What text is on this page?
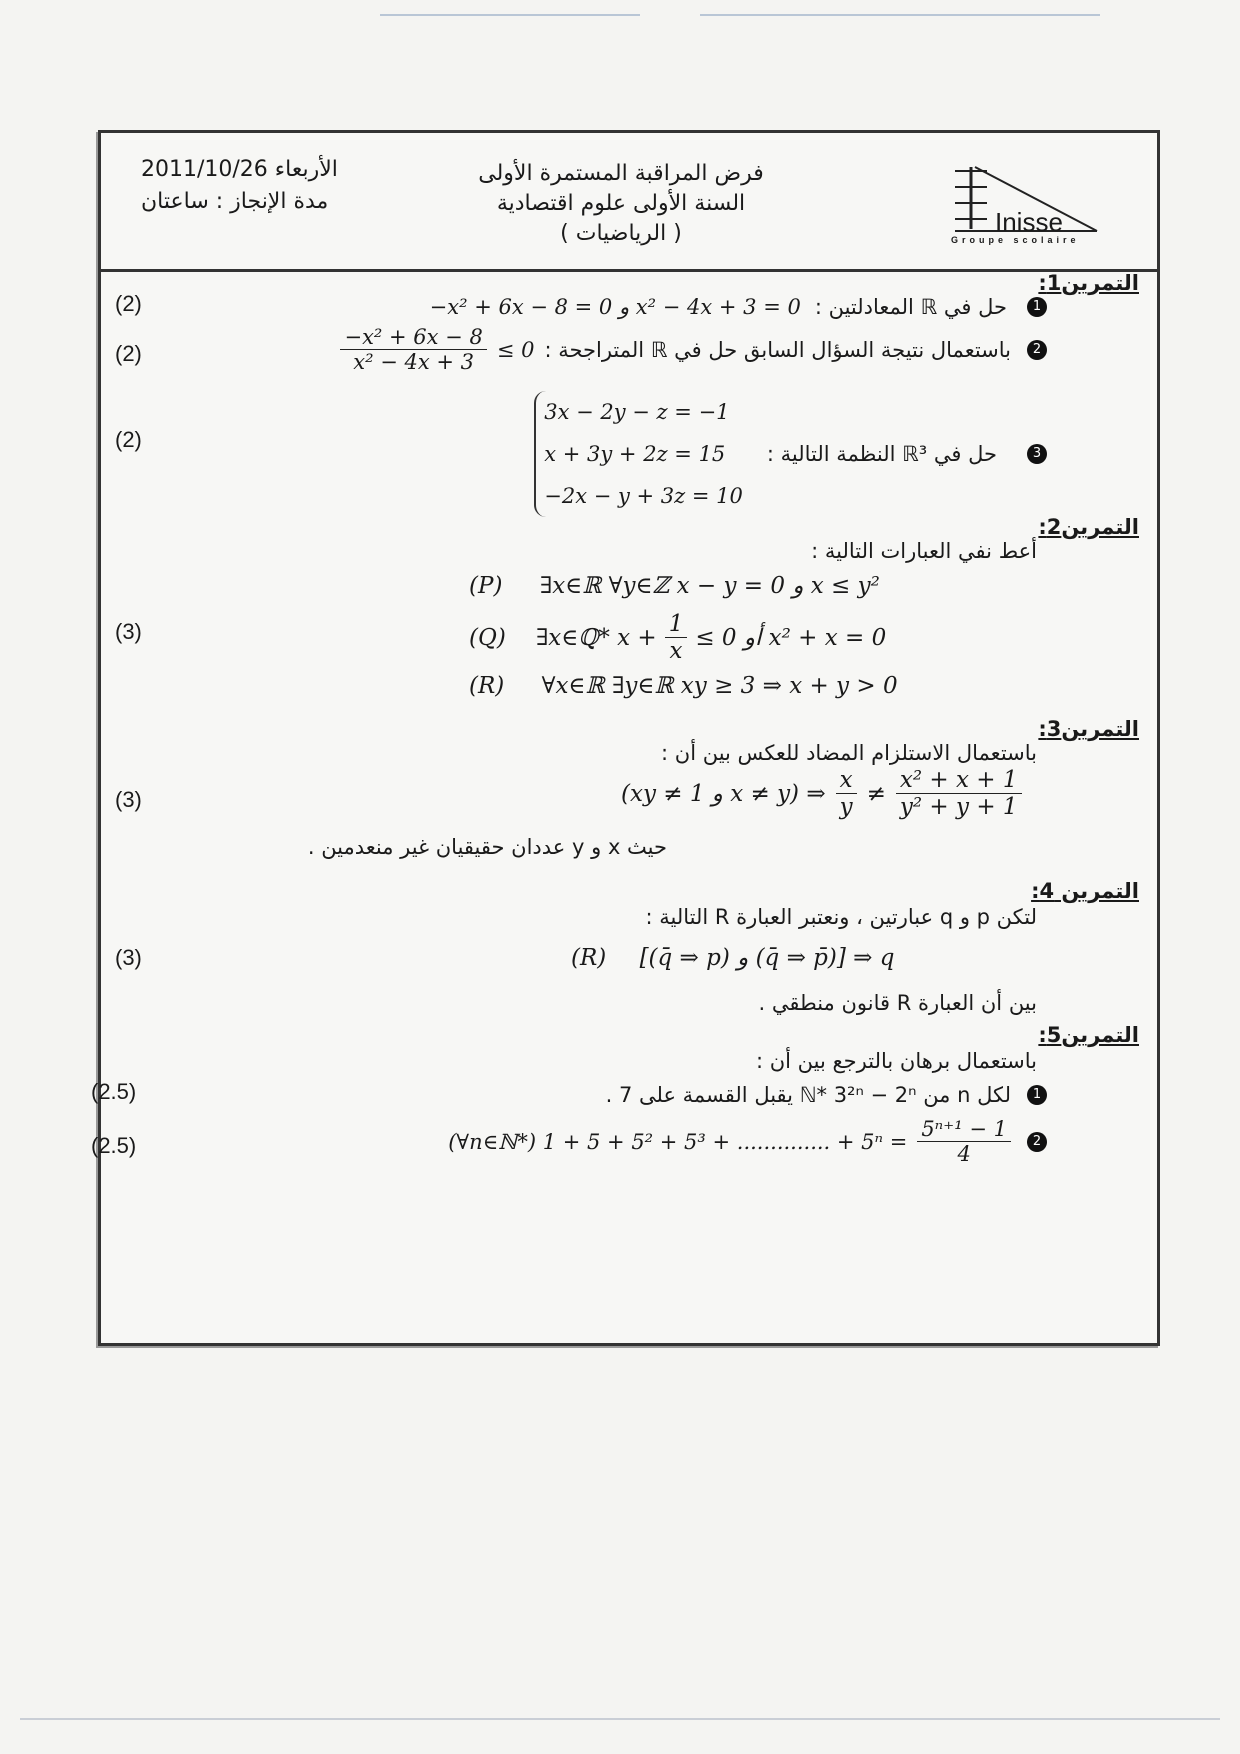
الأربعاء 2011/10/26
مدة الإنجاز : ساعتان
فرض المراقبة المستمرة الأولى
السنة الأولى علوم اقتصادية
( الرياضيات )	Inisse
Groupe scolaire
التمرين1:
(2)	1
حل في ℝ المعادلتين :
−x² + 6x − 8 = 0 و x² − 4x + 3 = 0
(2)	2
باستعمال نتيجة السؤال السابق حل في ℝ المتراجحة :
≤ 0
$\frac{\text{−x² + 6x − 8}}{\text{x² − 4x + 3}}$
(2)
3
حل في ℝ³ النظمة التالية :
3x − 2y − z = −1
x + 3y + 2z = 15
−2x − y + 3z = 10
التمرين2:
أعط نفي العبارات التالية :
(P) ∃x∈ℝ ∀y∈ℤ x − y = 0 و x ≤ y²
(3)	(Q) ∃x∈ℚ* $x + \frac{1}{x} \le 0$ أو x² + x = 0
(R) ∀x∈ℝ ∃y∈ℝ xy ≥ 3 ⇒ x + y > 0
التمرين3:
باستعمال الاستلزام المضاد للعكس بين أن :
(3)	(xy ≠ 1 و x ≠ y) ⇒ $\frac{x}{y} \ne \frac{\text{x² + x + 1}}{\text{y² + y + 1}}$
حيث x و y عددان حقيقيان غير منعدمين .
التمرين 4:
لتكن p و q عبارتين ، ونعتبر العبارة R التالية :
(3)	(R) [(q̄ ⇒ p) و (q̄ ⇒ p̄)] ⇒ q
بين أن العبارة R قانون منطقي .
التمرين5:
باستعمال برهان بالترجع بين أن :
(2.5)	1
لكل n من ℕ* 3²ⁿ − 2ⁿ يقبل القسمة على 7 .
(2.5)	2
$\frac{\text{5ⁿ⁺¹ − 1}}{4}$
(∀n∈ℕ*) 1 + 5 + 5² + 5³ + .............. + 5ⁿ =
